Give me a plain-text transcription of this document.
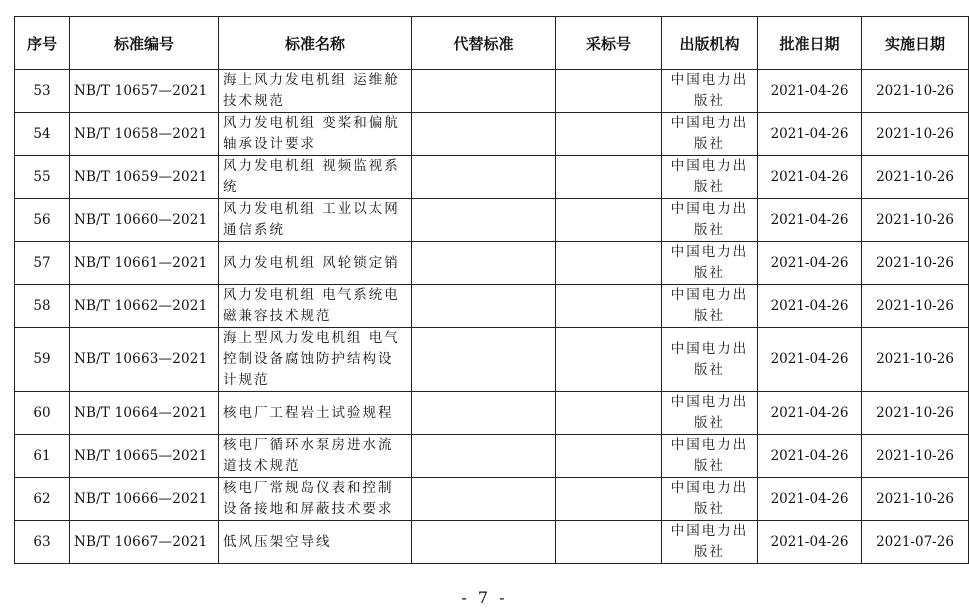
序号	标准编号	标准名称	代替标准	采标号	出版机构	批准日期	实施日期
53	NB/T 10657—2021	海上风力发电机组 运维舱技术规范			中国电力出版社	2021-04-26	2021-10-26
54	NB/T 10658—2021	风力发电机组 变桨和偏航轴承设计要求			中国电力出版社	2021-04-26	2021-10-26
55	NB/T 10659—2021	风力发电机组 视频监视系统			中国电力出版社	2021-04-26	2021-10-26
56	NB/T 10660—2021	风力发电机组 工业以太网通信系统			中国电力出版社	2021-04-26	2021-10-26
57	NB/T 10661—2021	风力发电机组 风轮锁定销			中国电力出版社	2021-04-26	2021-10-26
58	NB/T 10662—2021	风力发电机组 电气系统电磁兼容技术规范			中国电力出版社	2021-04-26	2021-10-26
59	NB/T 10663—2021	海上型风力发电机组 电气控制设备腐蚀防护结构设计规范			中国电力出版社	2021-04-26	2021-10-26
60	NB/T 10664—2021	核电厂工程岩土试验规程			中国电力出版社	2021-04-26	2021-10-26
61	NB/T 10665—2021	核电厂循环水泵房进水流道技术规范			中国电力出版社	2021-04-26	2021-10-26
62	NB/T 10666—2021	核电厂常规岛仪表和控制设备接地和屏蔽技术要求			中国电力出版社	2021-04-26	2021-10-26
63	NB/T 10667—2021	低风压架空导线			中国电力出版社	2021-04-26	2021-07-26
- 7 -
